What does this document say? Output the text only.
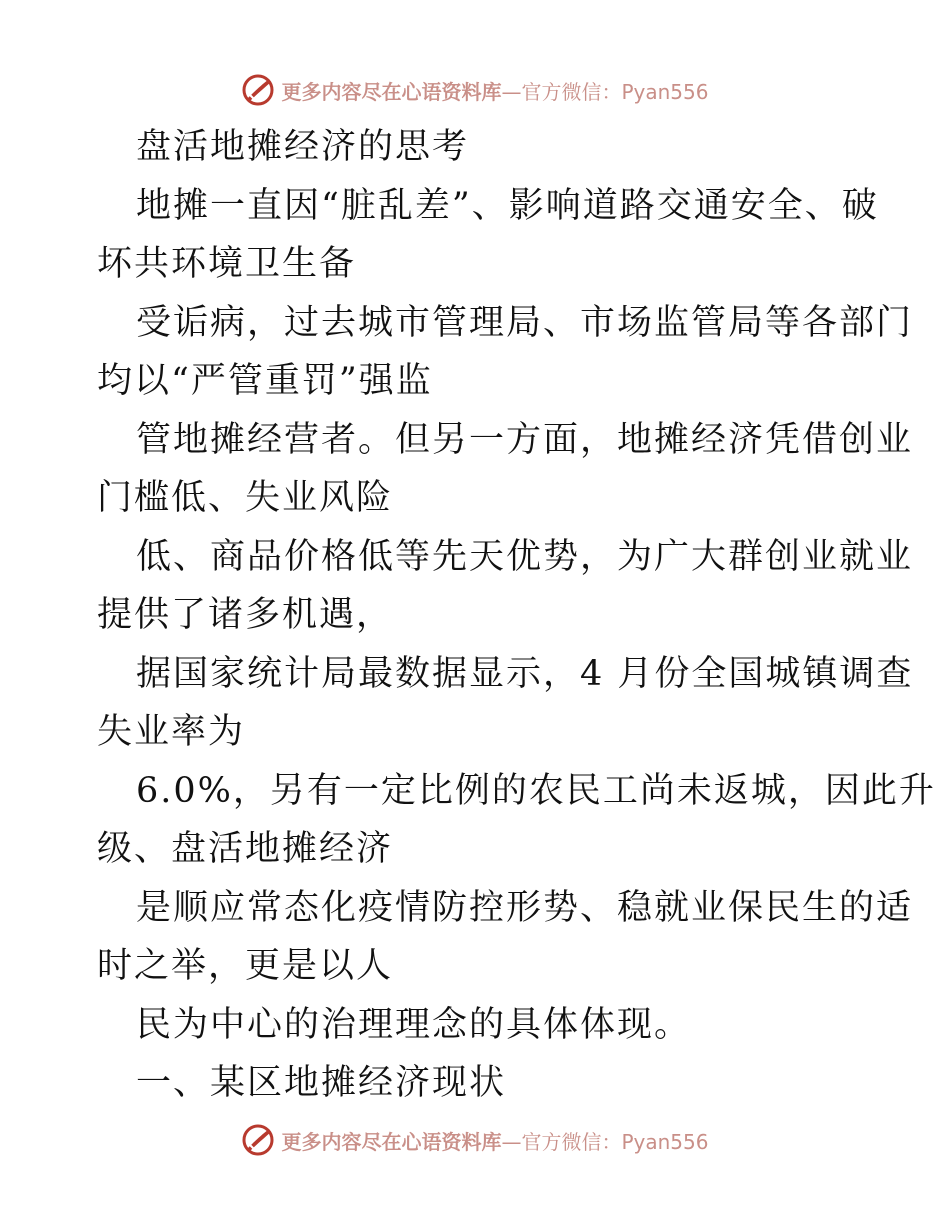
更多内容尽在心语资料库—官方微信：Pyan556
盘活地摊经济的思考
地摊一直因“脏乱差”、影响道路交通安全、破
坏共环境卫生备
受诟病，过去城市管理局、市场监管局等各部门
均以“严管重罚”强监
管地摊经营者。但另一方面，地摊经济凭借创业
门槛低、失业风险
低、商品价格低等先天优势，为广大群创业就业
提供了诸多机遇，
据国家统计局最数据显示，4 月份全国城镇调查
失业率为
6.0%，另有一定比例的农民工尚未返城，因此升
级、盘活地摊经济
是顺应常态化疫情防控形势、稳就业保民生的适
时之举，更是以人
民为中心的治理理念的具体体现。
一、某区地摊经济现状
更多内容尽在心语资料库—官方微信：Pyan556
